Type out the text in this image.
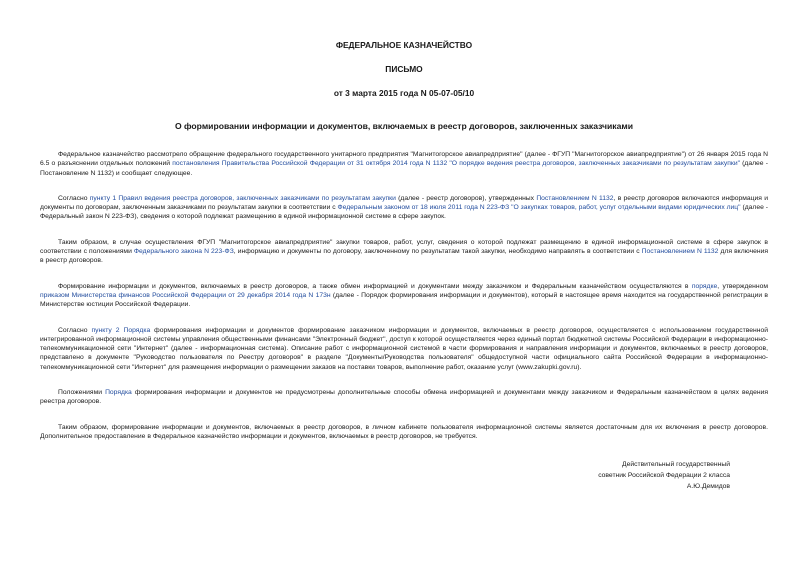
ФЕДЕРАЛЬНОЕ КАЗНАЧЕЙСТВО
ПИСЬМО
от 3 марта 2015 года N 05-07-05/10
О формировании информации и документов, включаемых в реестр договоров, заключенных заказчиками

Федеральное казначейство рассмотрело обращение федерального государственного унитарного предприятия "Магнитогорское авиапредприятие" (далее - ФГУП "Магнитогорское авиапредприятие") от 26 января 2015 года N 6.5 о разъяснении отдельных положений постановления Правительства Российской Федерации от 31 октября 2014 года N 1132 "О порядке ведения реестра договоров, заключенных заказчиками по результатам закупки" (далее - Постановление N 1132) и сообщает следующее.

Согласно пункту 1 Правил ведения реестра договоров, заключенных заказчиками по результатам закупки (далее - реестр договоров), утвержденных Постановлением N 1132, в реестр договоров включаются информация и документы по договорам, заключенным заказчиками по результатам закупки в соответствии с Федеральным законом от 18 июля 2011 года N 223-ФЗ "О закупках товаров, работ, услуг отдельными видами юридических лиц" (далее - Федеральный закон N 223-ФЗ), сведения о которой подлежат размещению в единой информационной системе в сфере закупок.

Таким образом, в случае осуществления ФГУП "Магнитогорское авиапредприятие" закупки товаров, работ, услуг, сведения о которой подлежат размещению в единой информационной системе в сфере закупок в соответствии с положениями Федерального закона N 223-ФЗ, информацию и документы по договору, заключенному по результатам такой закупки, необходимо направлять в соответствии с Постановлением N 1132 для включения в реестр договоров.

Формирование информации и документов, включаемых в реестр договоров, а также обмен информацией и документами между заказчиком и Федеральным казначейством осуществляются в порядке, утвержденном приказом Министерства финансов Российской Федерации от 29 декабря 2014 года N 173н (далее - Порядок формирования информации и документов), который в настоящее время находится на государственной регистрации в Министерстве юстиции Российской Федерации.

Согласно пункту 2 Порядка формирования информации и документов формирование заказчиком информации и документов, включаемых в реестр договоров, осуществляется с использованием государственной интегрированной информационной системы управления общественными финансами "Электронный бюджет", доступ к которой осуществляется через единый портал бюджетной системы Российской Федерации в информационно-телекоммуникационной сети "Интернет" (далее - информационная система). Описание работ с информационной системой в части формирования и направления информации и документов, включаемых в реестр договоров, представлено в документе "Руководство пользователя по Реестру договоров" в разделе "Документы/Руководства пользователя" общедоступной части официального сайта Российской Федерации в информационно-телекоммуникационной сети "Интернет" для размещения информации о размещении заказов на поставки товаров, выполнение работ, оказание услуг (www.zakupki.gov.ru).

Положениями Порядка формирования информации и документов не предусмотрены дополнительные способы обмена информацией и документами между заказчиком и Федеральным казначейством в целях ведения реестра договоров.

Таким образом, формирование информации и документов, включаемых в реестр договоров, в личном кабинете пользователя информационной системы является достаточным для их включения в реестр договоров. Дополнительное предоставление в Федеральное казначейство информации и документов, включаемых в реестр договоров, не требуется.

Действительный государственный
советник Российской Федерации 2 класса
А.Ю.Демидов
